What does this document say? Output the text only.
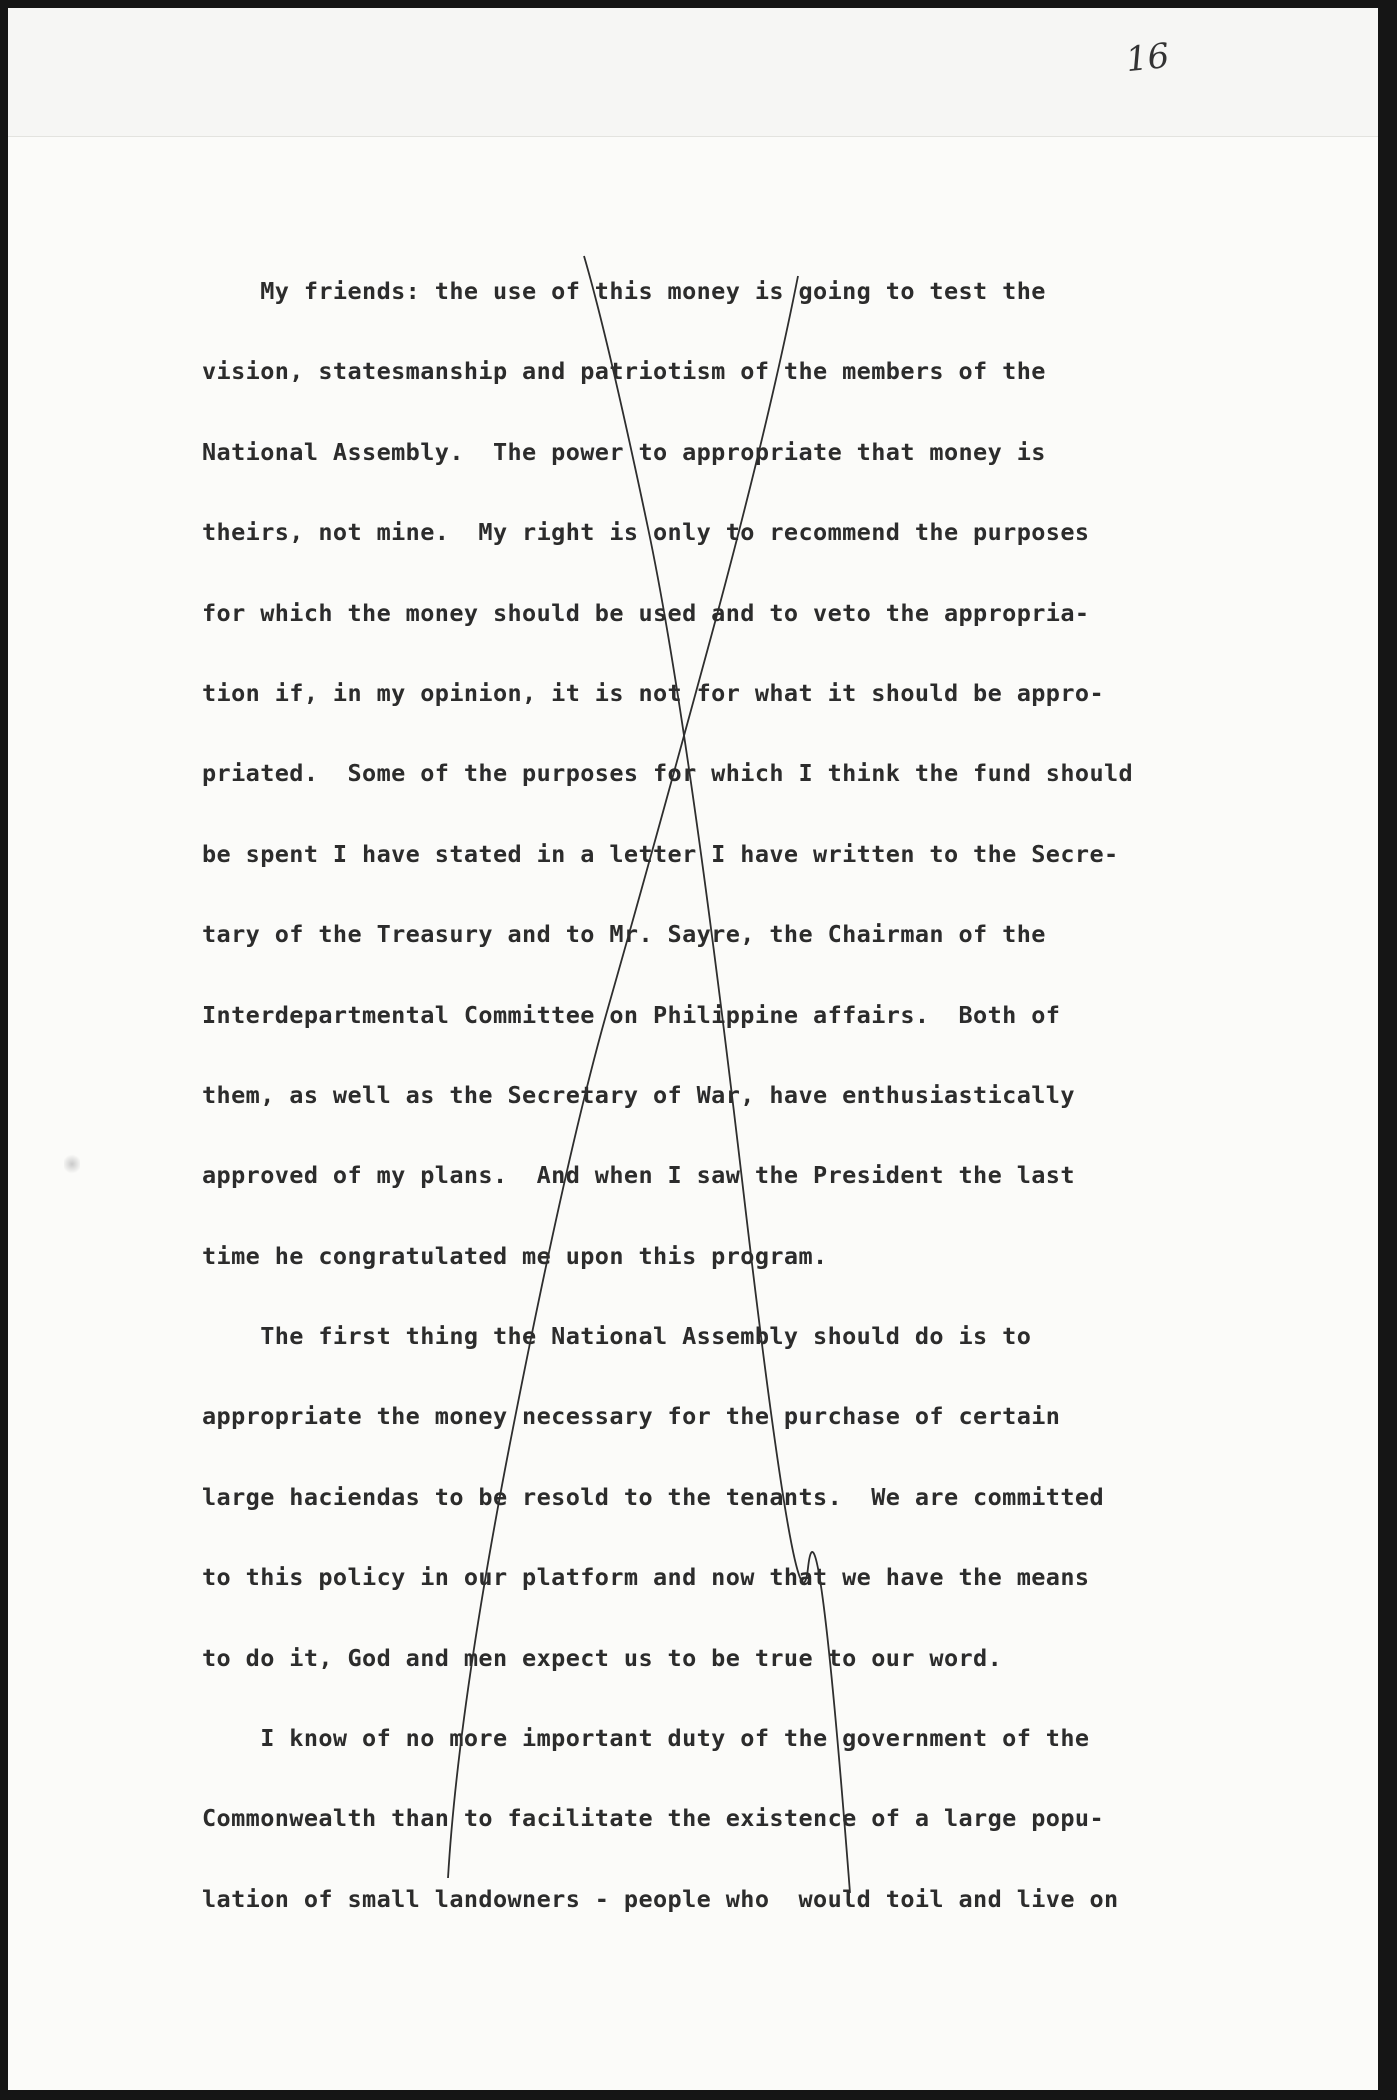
16
My friends: the use of this money is going to test the
vision, statesmanship and patriotism of the members of the
National Assembly.  The power to appropriate that money is
theirs, not mine.  My right is only to recommend the purposes
for which the money should be used and to veto the appropria-
tion if, in my opinion, it is not for what it should be appro-
priated.  Some of the purposes for which I think the fund should
be spent I have stated in a letter I have written to the Secre-
tary of the Treasury and to Mr. Sayre, the Chairman of the
Interdepartmental Committee on Philippine affairs.  Both of
them, as well as the Secretary of War, have enthusiastically
approved of my plans.  And when I saw the President the last
time he congratulated me upon this program.
The first thing the National Assembly should do is to
appropriate the money necessary for the purchase of certain
large haciendas to be resold to the tenants.  We are committed
to this policy in our platform and now that we have the means
to do it, God and men expect us to be true to our word.
I know of no more important duty of the government of the
Commonwealth than to facilitate the existence of a large popu-
lation of small landowners - people who  would toil and live on
